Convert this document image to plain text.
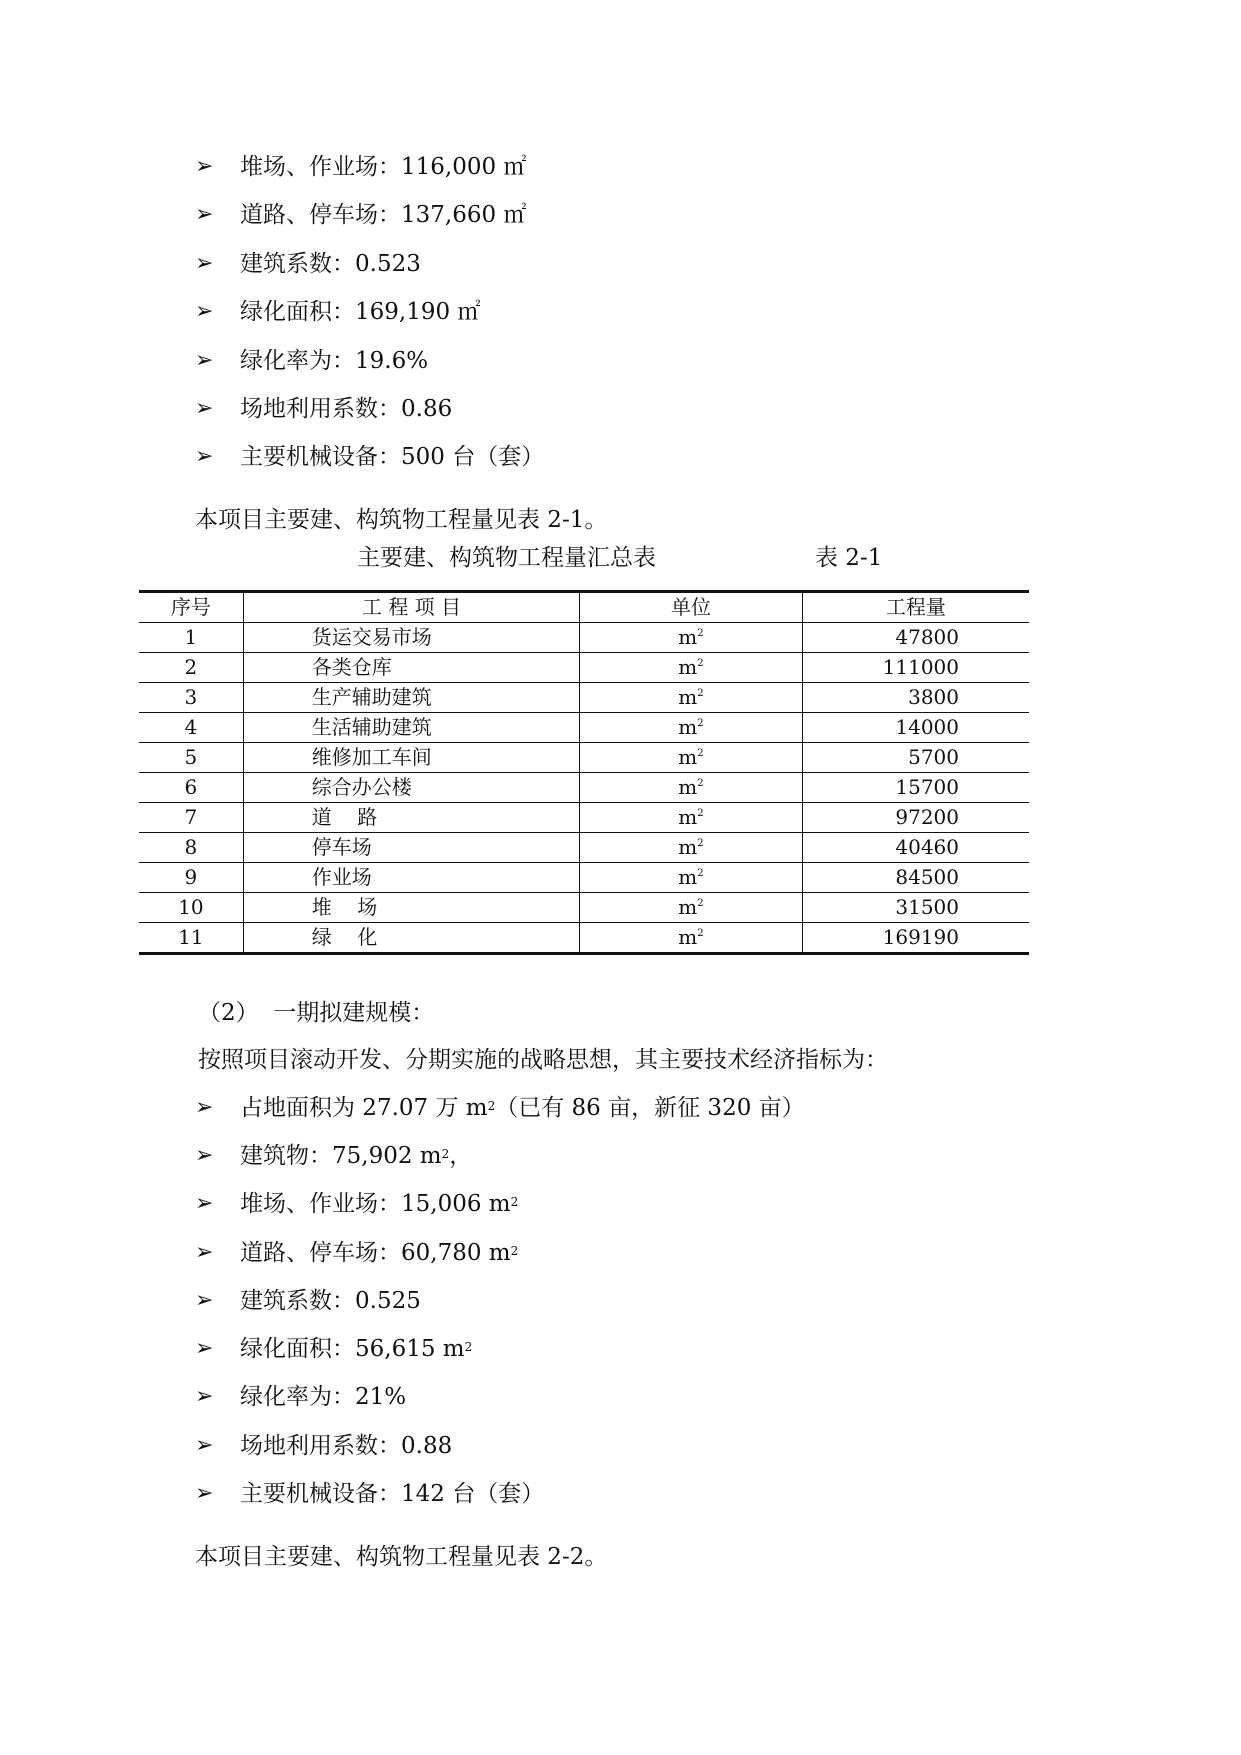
➢ 堆场、作业场：116,000 ㎡
➢ 道路、停车场：137,660 ㎡
➢ 建筑系数：0.523
➢ 绿化面积：169,190 ㎡
➢ 绿化率为：19.6%
➢ 场地利用系数：0.86
➢ 主要机械设备：500 台（套）
本项目主要建、构筑物工程量见表 2-1。
主要建、构筑物工程量汇总表	表 2-1
序号	工 程 项 目	单位	工程量
1	货运交易市场	$m^2$	47800
2	各类仓库	$m^2$	111000
3	生产辅助建筑	$m^2$	3800
4	生活辅助建筑	$m^2$	14000
5	维修加工车间	$m^2$	5700
6	综合办公楼	$m^2$	15700
7	道    路	$m^2$	97200
8	停车场	$m^2$	40460
9	作业场	$m^2$	84500
10	堆    场	$m^2$	31500
11	绿    化	$m^2$	169190
（2）  一期拟建规模：
按照项目滚动开发、分期实施的战略思想，其主要技术经济指标为：
➢ 占地面积为 27.07 万 $m^2$（已有 86 亩，新征 320 亩）
➢ 建筑物：75,902 $m^2$，
➢ 堆场、作业场：15,006 $m^2$
➢ 道路、停车场：60,780 $m^2$
➢ 建筑系数：0.525
➢ 绿化面积：56,615 $m^2$
➢ 绿化率为：21%
➢ 场地利用系数：0.88
➢ 主要机械设备：142 台（套）
本项目主要建、构筑物工程量见表 2-2。
